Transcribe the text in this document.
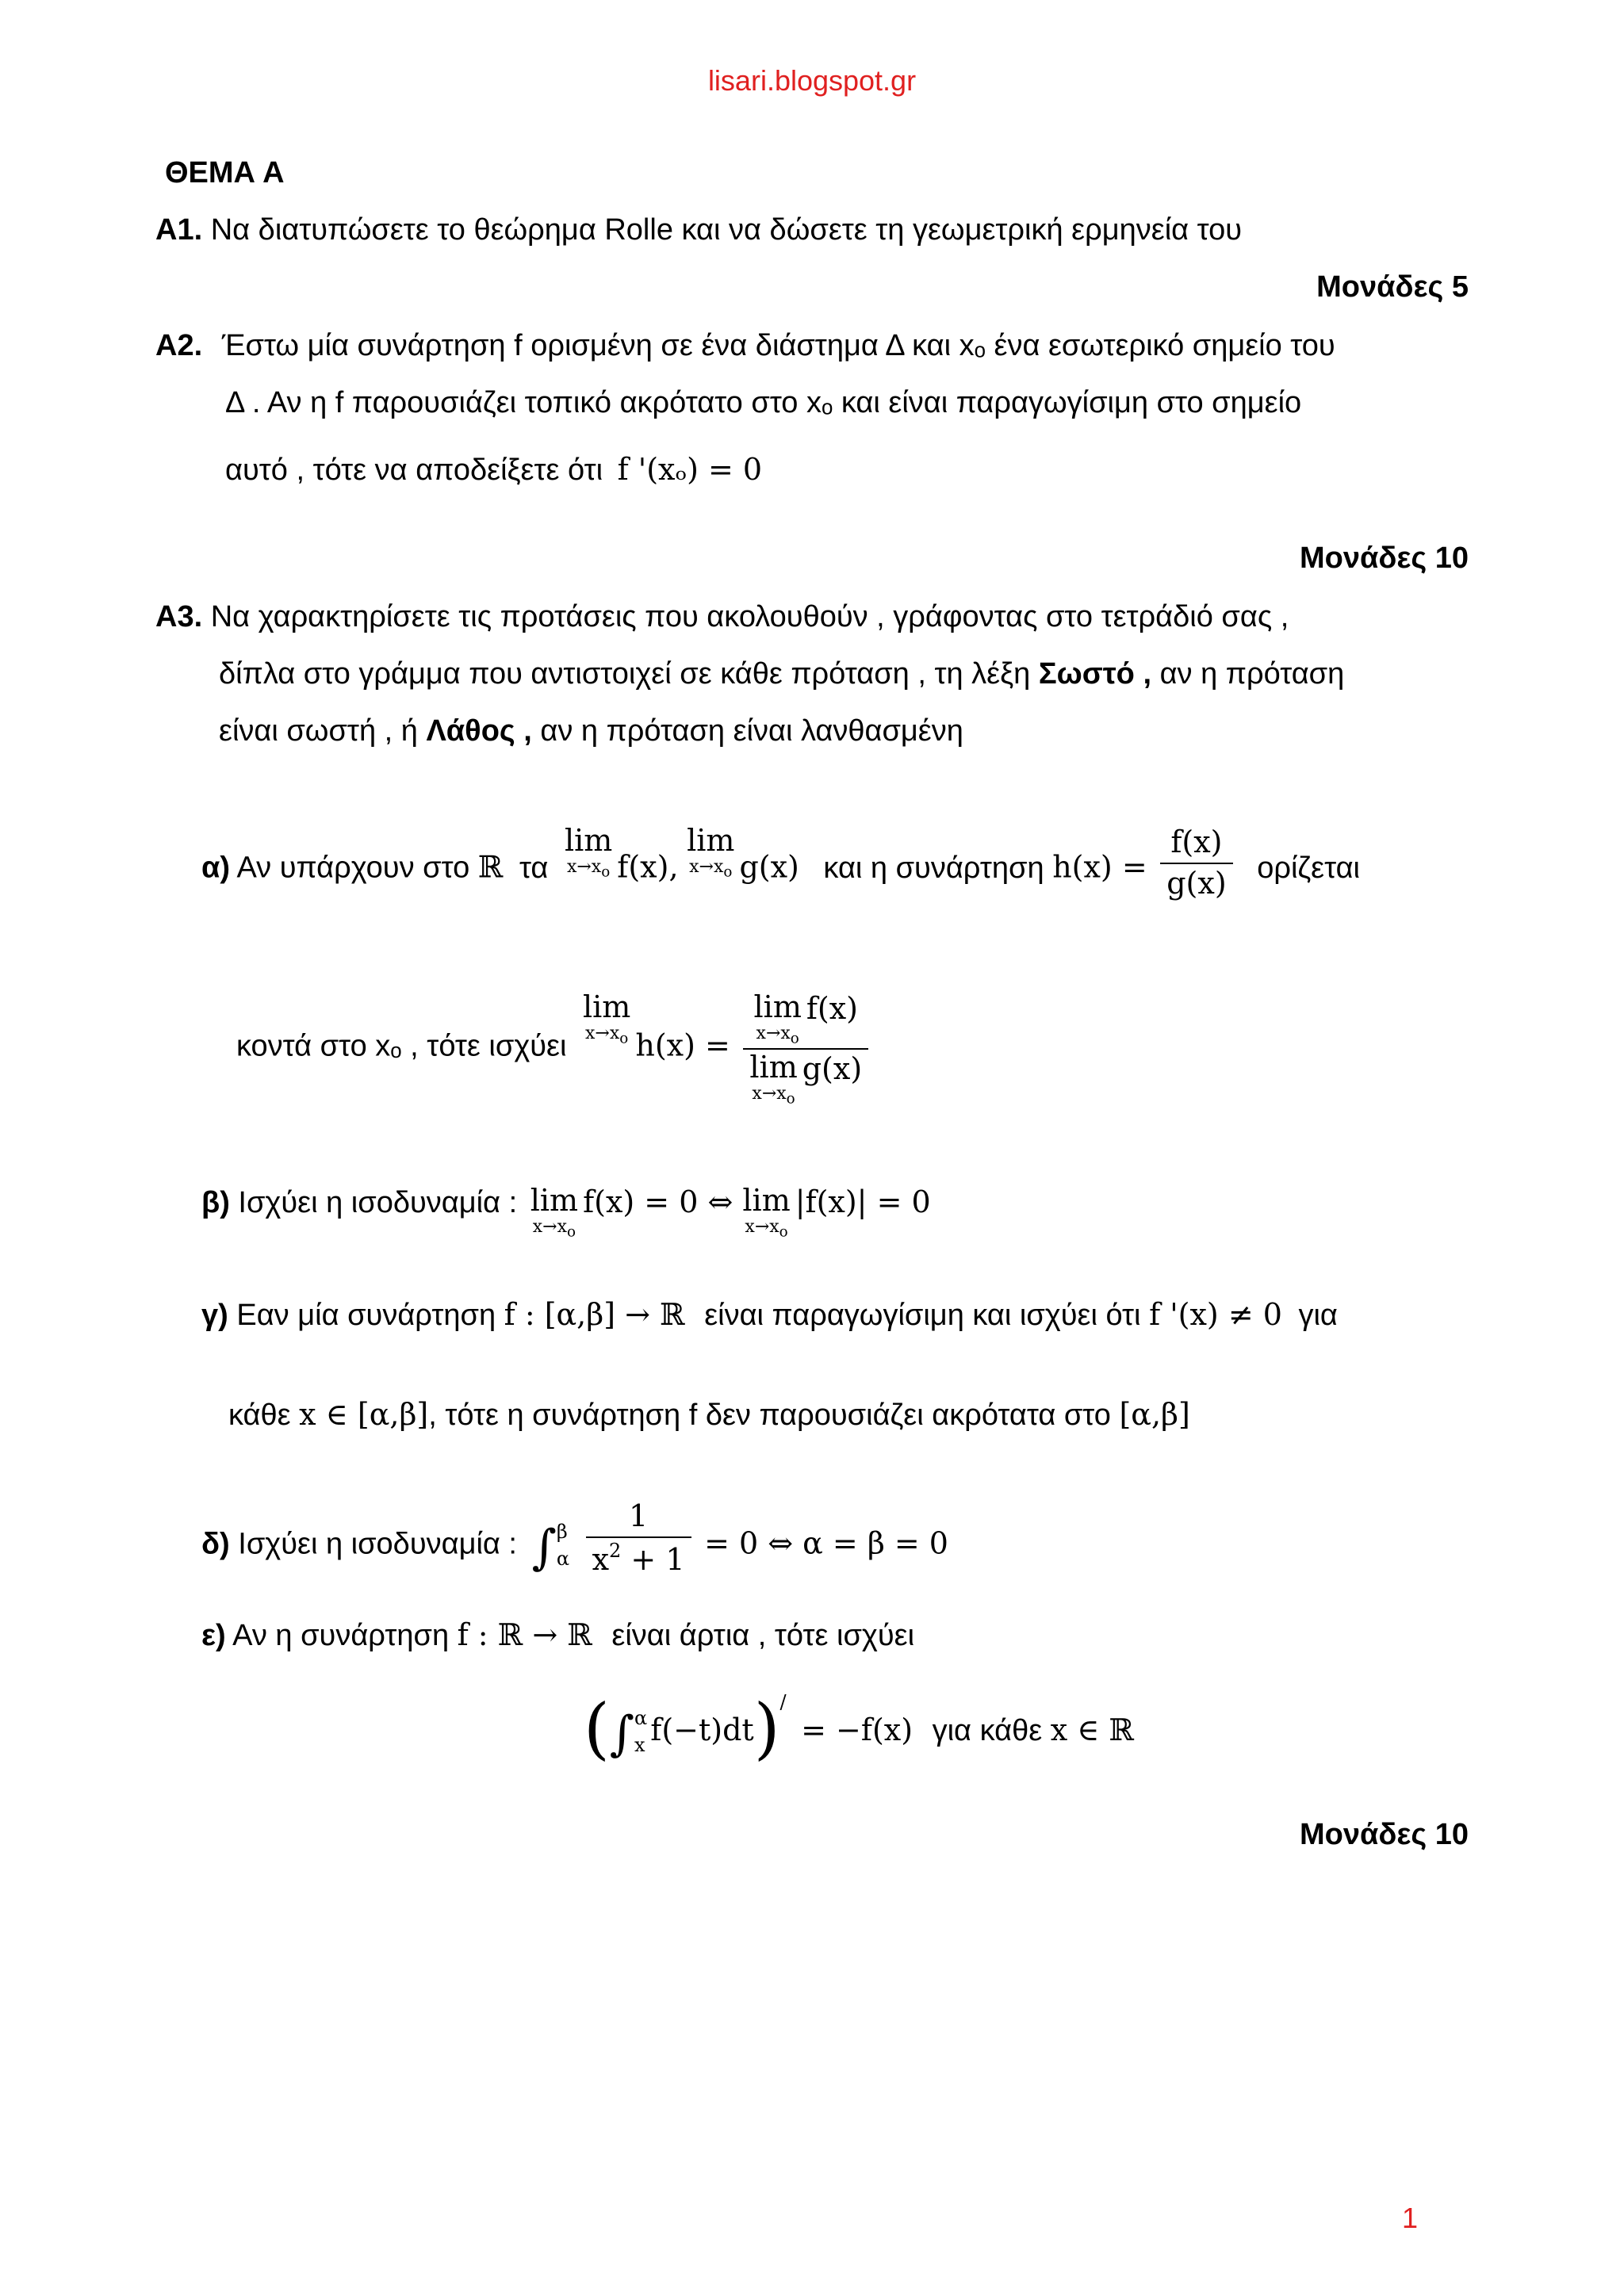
lisari.blogspot.gr
ΘΕΜΑ Α
Α1. Να διατυπώσετε το θεώρημα Rolle και να δώσετε τη γεωμετρική ερμηνεία του
Μονάδες 5
Α2. Έστω μία συνάρτηση f ορισμένη σε ένα διάστημα Δ και xₒ ένα εσωτερικό σημείο του
Δ . Αν η f παρουσιάζει τοπικό ακρότατο στο xₒ και είναι παραγωγίσιμη στο σημείο
αυτό , τότε να αποδείξετε ότι f '(xₒ) = 0
Μονάδες 10
Α3. Να χαρακτηρίσετε τις προτάσεις που ακολουθούν , γράφοντας στο τετράδιό σας ,
δίπλα στο γράμμα που αντιστοιχεί σε κάθε πρόταση , τη λέξη Σωστό , αν η πρόταση
είναι σωστή , ή Λάθος , αν η πρόταση είναι λανθασμένη
α) Αν υπάρχουν στο ℝ τα lim
$x\to x_o$ f(x), lim
$x\to x_o$ g(x) και η συνάρτηση $h(x) = \frac{f(x)}{g(x)}$ ορίζεται
κοντά στο xₒ , τότε ισχύει lim
$x\to x_o$ h(x) = lim
$x\to x_o$
f(x)
lim
$x\to x_o$
g(x)
β) Ισχύει η ισοδυναμία : lim
$x\to x_o$
f(x) = 0 ⇔ lim
$x\to x_o$
|f(x)| = 0
γ) Εαν μία συνάρτηση f : [α,β] → ℝ είναι παραγωγίσιμη και ισχύει ότι f '(x) ≠ 0 για
κάθε x ∈ [α,β], τότε η συνάρτηση f δεν παρουσιάζει ακρότατα στο [α,β]
δ) Ισχύει η ισοδυναμία : ∫ β
α
$\frac{1}{x^2 + 1} = 0$ ⇔ α = β = 0
ε) Αν η συνάρτηση f : ℝ → ℝ είναι άρτια , τότε ισχύει
(∫ α
x f(−t)dt)/ = −f(x) για κάθε x ∈ ℝ
Μονάδες 10
1
